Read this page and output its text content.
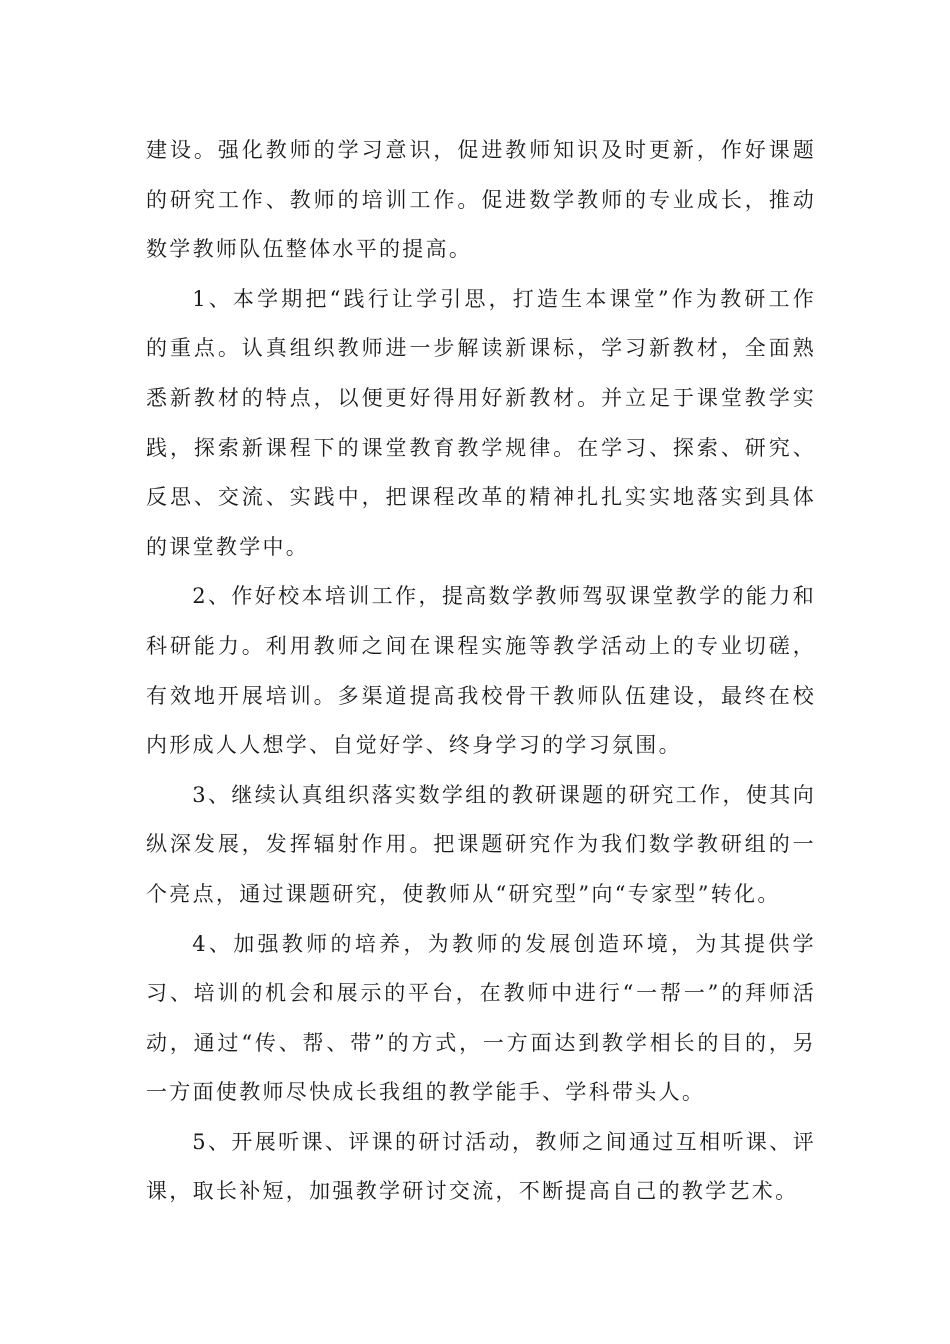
建设。强化教师的学习意识，促进教师知识及时更新，作好课题的研究工作、教师的培训工作。促进数学教师的专业成长，推动数学教师队伍整体水平的提高。

1、本学期把“践行让学引思，打造生本课堂”作为教研工作的重点。认真组织教师进一步解读新课标，学习新教材，全面熟悉新教材的特点，以便更好得用好新教材。并立足于课堂教学实践，探索新课程下的课堂教育教学规律。在学习、探索、研究、反思、交流、实践中，把课程改革的精神扎扎实实地落实到具体的课堂教学中。

2、作好校本培训工作，提高数学教师驾驭课堂教学的能力和科研能力。利用教师之间在课程实施等教学活动上的专业切磋，有效地开展培训。多渠道提高我校骨干教师队伍建设，最终在校内形成人人想学、自觉好学、终身学习的学习氛围。

3、继续认真组织落实数学组的教研课题的研究工作，使其向纵深发展，发挥辐射作用。把课题研究作为我们数学教研组的一个亮点，通过课题研究，使教师从“研究型”向“专家型”转化。

4、加强教师的培养，为教师的发展创造环境，为其提供学习、培训的机会和展示的平台，在教师中进行“一帮一”的拜师活动，通过“传、帮、带”的方式，一方面达到教学相长的目的，另一方面使教师尽快成长我组的教学能手、学科带头人。

5、开展听课、评课的研讨活动，教师之间通过互相听课、评课，取长补短，加强教学研讨交流，不断提高自己的教学艺术。
